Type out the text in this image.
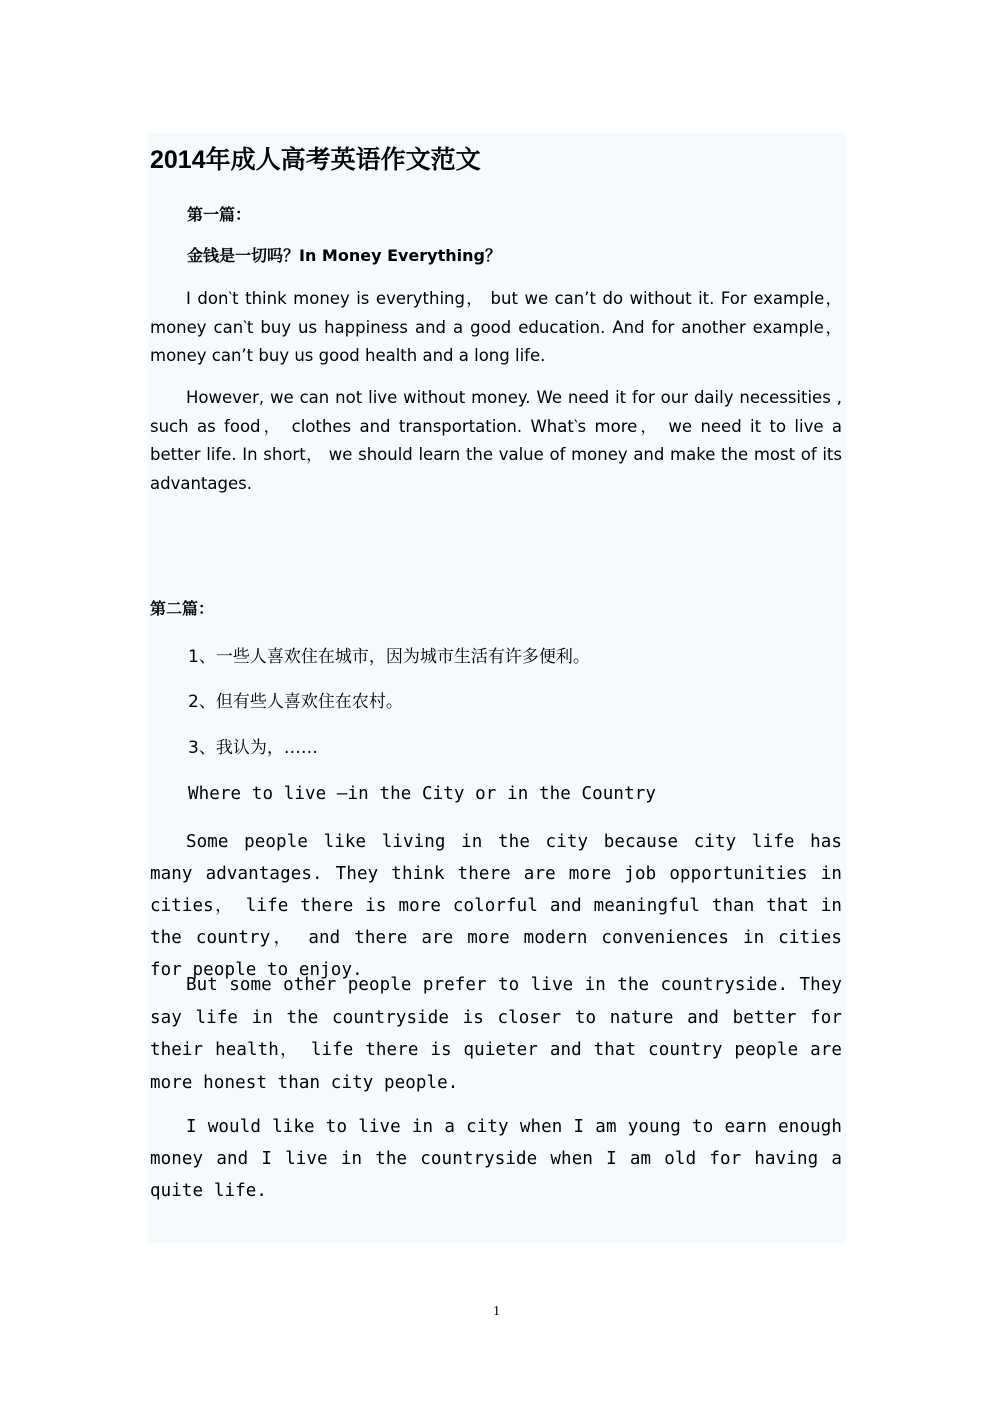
2014年成人高考英语作文范文

第一篇：

金钱是一切吗？In Money Everything？

I don‵t think money is everything， but we can’t do without it. For example， money can‵t buy us happiness and a good education. And for another example， money can’t buy us good health and a long life.

However, we can not live without money. We need it for our daily necessities , such as food， clothes and transportation. What‵s more， we need it to live a better life. In short， we should learn the value of money and make the most of its advantages.

第二篇：

1、一些人喜欢住在城市，因为城市生活有许多便利。

2、但有些人喜欢住在农村。

3、我认为，……

Where to live —in the City or in the Country

Some people like living in the city because city life has many advantages. They think there are more job opportunities in cities， life there is more colorful and meaningful than that in the country， and there are more modern conveniences in cities for people to enjoy.

But some other people prefer to live in the countryside. They say life in the countryside is closer to nature and better for their health， life there is quieter and that country people are more honest than city people.

I would like to live in a city when I am young to earn enough money and I live in the countryside when I am old for having a quite life.

1
